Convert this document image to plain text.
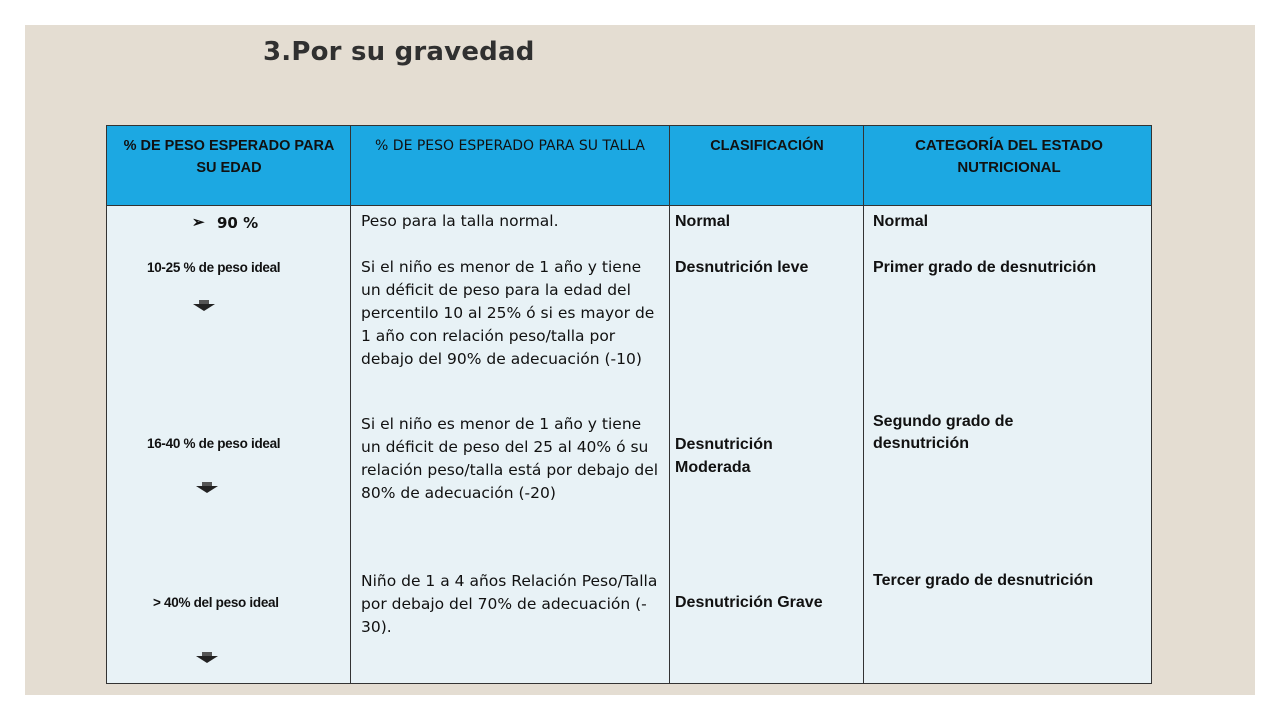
3.Por su gravedad
% DE PESO ESPERADO PARA SU EDAD
% DE PESO ESPERADO PARA SU TALLA	CLASIFICACIÓN	CATEGORÍA DEL ESTADO NUTRICIONAL
➢ 90 %
10-25 % de peso ideal
16-40 % de peso ideal
> 40% del peso ideal
Peso para la talla normal.
Si el niño es menor de 1 año y tiene un déficit de peso para la edad del percentilo 10 al 25% ó si es mayor de 1 año con relación peso/talla por debajo del 90% de adecuación (-10)
Si el niño es menor de 1 año y tiene un déficit de peso del 25 al 40% ó su relación peso/talla está por debajo del 80% de adecuación (-20)
Niño de 1 a 4 años Relación Peso/Talla por debajo del 70% de adecuación (- 30).
Normal
Desnutrición leve
Desnutrición Moderada
Desnutrición Grave
Normal
Primer grado de desnutrición
Segundo grado de desnutrición
Tercer grado de desnutrición
